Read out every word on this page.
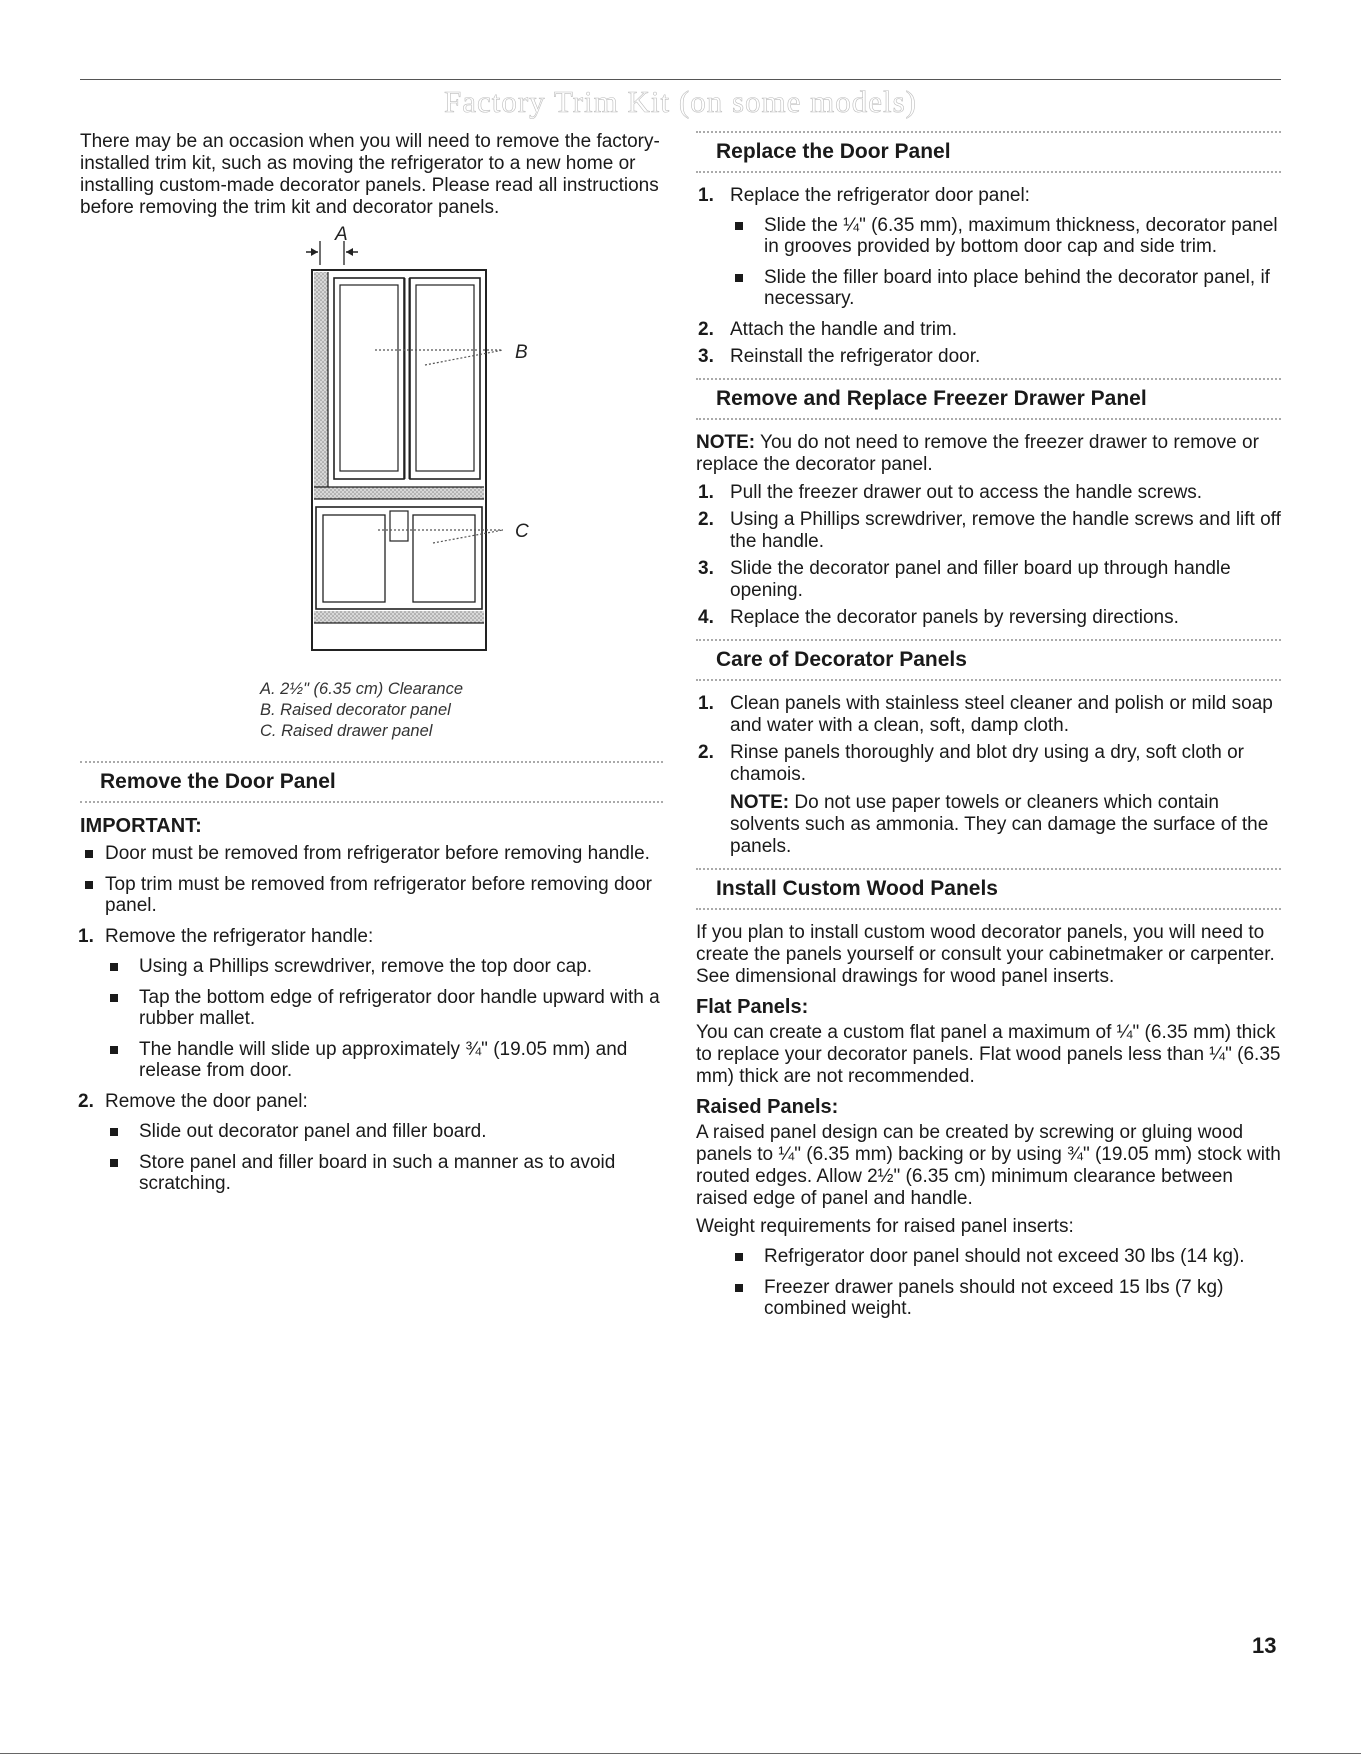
Factory Trim Kit (on some models)

There may be an occasion when you will need to remove the factory-installed trim kit, such as moving the refrigerator to a new home or installing custom-made decorator panels. Please read all instructions before removing the trim kit and decorator panels.

A
B
C
A. 2½" (6.35 cm) Clearance
B. Raised decorator panel
C. Raised drawer panel
Remove the Door Panel
IMPORTANT:
Door must be removed from refrigerator before removing handle.
Top trim must be removed from refrigerator before removing door panel.
1. Remove the refrigerator handle:
Using a Phillips screwdriver, remove the top door cap.
Tap the bottom edge of refrigerator door handle upward with a rubber mallet.
The handle will slide up approximately ¾" (19.05 mm) and release from door.
2. Remove the door panel:
Slide out decorator panel and filler board.
Store panel and filler board in such a manner as to avoid scratching.
Replace the Door Panel
1. Replace the refrigerator door panel:
Slide the ¼" (6.35 mm), maximum thickness, decorator panel in grooves provided by bottom door cap and side trim.
Slide the filler board into place behind the decorator panel, if necessary.
2. Attach the handle and trim.
3. Reinstall the refrigerator door.
Remove and Replace Freezer Drawer Panel

NOTE: You do not need to remove the freezer drawer to remove or replace the decorator panel.

1. Pull the freezer drawer out to access the handle screws.
2. Using a Phillips screwdriver, remove the handle screws and lift off the handle.
3. Slide the decorator panel and filler board up through handle opening.
4. Replace the decorator panels by reversing directions.
Care of Decorator Panels
1. Clean panels with stainless steel cleaner and polish or mild soap and water with a clean, soft, damp cloth.
2. Rinse panels thoroughly and blot dry using a dry, soft cloth or chamois.

NOTE: Do not use paper towels or cleaners which contain solvents such as ammonia. They can damage the surface of the panels.

Install Custom Wood Panels

If you plan to install custom wood decorator panels, you will need to create the panels yourself or consult your cabinetmaker or carpenter. See dimensional drawings for wood panel inserts.

Flat Panels:

You can create a custom flat panel a maximum of ¼" (6.35 mm) thick to replace your decorator panels. Flat wood panels less than ¼" (6.35 mm) thick are not recommended.

Raised Panels:

A raised panel design can be created by screwing or gluing wood panels to ¼" (6.35 mm) backing or by using ¾" (19.05 mm) stock with routed edges. Allow 2½" (6.35 cm) minimum clearance between raised edge of panel and handle.

Weight requirements for raised panel inserts:

Refrigerator door panel should not exceed 30 lbs (14 kg).
Freezer drawer panels should not exceed 15 lbs (7 kg) combined weight.
13
